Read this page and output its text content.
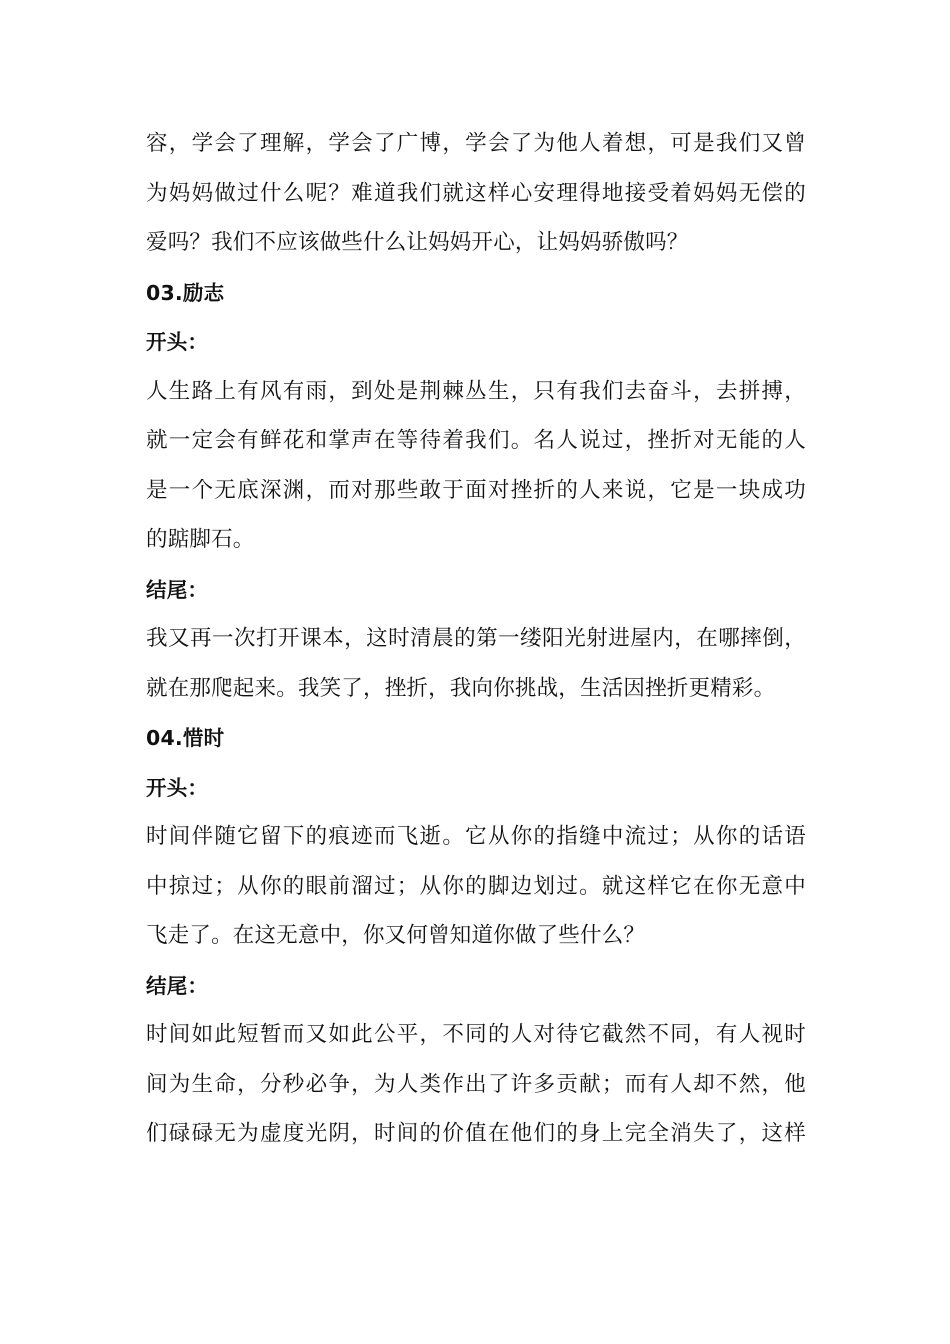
容，学会了理解，学会了广博，学会了为他人着想，可是我们又曾
为妈妈做过什么呢？难道我们就这样心安理得地接受着妈妈无偿的
爱吗？我们不应该做些什么让妈妈开心，让妈妈骄傲吗？
03.励志
开头：
人生路上有风有雨，到处是荆棘丛生，只有我们去奋斗，去拼搏，
就一定会有鲜花和掌声在等待着我们。名人说过，挫折对无能的人
是一个无底深渊，而对那些敢于面对挫折的人来说，它是一块成功
的踮脚石。
结尾：
我又再一次打开课本，这时清晨的第一缕阳光射进屋内，在哪摔倒，
就在那爬起来。我笑了，挫折，我向你挑战，生活因挫折更精彩。
04.惜时
开头：
时间伴随它留下的痕迹而飞逝。它从你的指缝中流过；从你的话语
中掠过；从你的眼前溜过；从你的脚边划过。就这样它在你无意中
飞走了。在这无意中，你又何曾知道你做了些什么？
结尾：
时间如此短暂而又如此公平，不同的人对待它截然不同，有人视时
间为生命，分秒必争，为人类作出了许多贡献；而有人却不然，他
们碌碌无为虚度光阴，时间的价值在他们的身上完全消失了，这样
